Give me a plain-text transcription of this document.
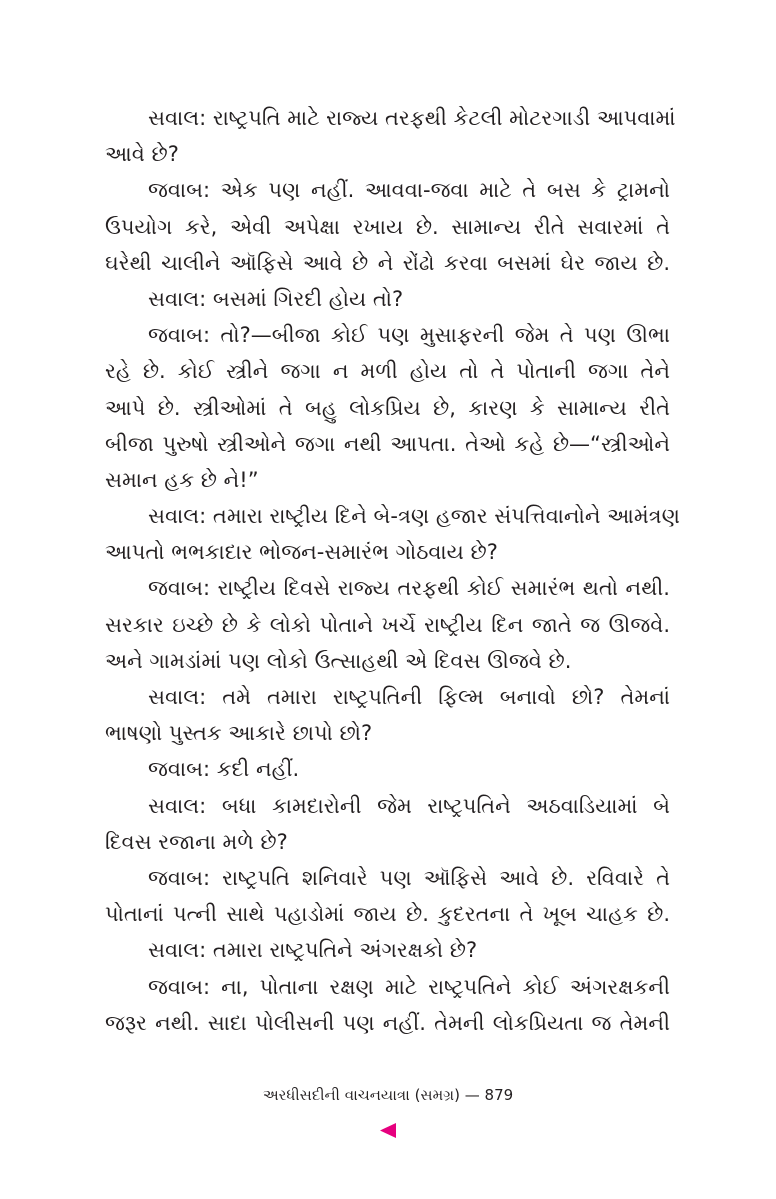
સવાલ: રાષ્ટ્રપતિ માટે રાજ્ય તરફથી કેટલી મોટરગાડી આપવામાં
આવે છે?
જવાબ: એક પણ નહીં. આવવા-જવા માટે તે બસ કે ટ્રામનો
ઉપયોગ કરે, એવી અપેક્ષા રખાય છે. સામાન્ય રીતે સવારમાં તે
ઘરેથી ચાલીને ઑફિસે આવે છે ને રોંઢો કરવા બસમાં ઘેર જાય છે.
સવાલ: બસમાં ગિરદી હોય તો?
જવાબ: તો?—બીજા કોઈ પણ મુસાફરની જેમ તે પણ ઊભા
રહે છે. કોઈ સ્ત્રીને જગા ન મળી હોય તો તે પોતાની જગા તેને
આપે છે. સ્ત્રીઓમાં તે બહુ લોકપ્રિય છે, કારણ કે સામાન્ય રીતે
બીજા પુરુષો સ્ત્રીઓને જગા નથી આપતા. તેઓ કહે છે—“સ્ત્રીઓને
સમાન હક છે ને!”
સવાલ: તમારા રાષ્ટ્રીય દિને બે-ત્રણ હજાર સંપત્તિવાનોને આમંત્રણ
આપતો ભભકાદાર ભોજન-સમારંભ ગોઠવાય છે?
જવાબ: રાષ્ટ્રીય દિવસે રાજ્ય તરફથી કોઈ સમારંભ થતો નથી.
સરકાર ઇચ્છે છે કે લોકો પોતાને ખર્ચે રાષ્ટ્રીય દિન જાતે જ ઊજવે.
અને ગામડાંમાં પણ લોકો ઉત્સાહથી એ દિવસ ઊજવે છે.
સવાલ: તમે તમારા રાષ્ટ્રપતિની ફિલ્મ બનાવો છો? તેમનાં
ભાષણો પુસ્તક આકારે છાપો છો?
જવાબ: કદી નહીં.
સવાલ: બધા કામદારોની જેમ રાષ્ટ્રપતિને અઠવાડિયામાં બે
દિવસ રજાના મળે છે?
જવાબ: રાષ્ટ્રપતિ શનિવારે પણ ઑફિસે આવે છે. રવિવારે તે
પોતાનાં પત્ની સાથે પહાડોમાં જાય છે. કુદરતના તે ખૂબ ચાહક છે.
સવાલ: તમારા રાષ્ટ્રપતિને અંગરક્ષકો છે?
જવાબ: ના, પોતાના રક્ષણ માટે રાષ્ટ્રપતિને કોઈ અંગરક્ષકની
જરૂર નથી. સાદા પોલીસની પણ નહીં. તેમની લોકપ્રિયતા જ તેમની
અરધીસદીની વાચનયાત્રા (સમગ્ર) — 879
